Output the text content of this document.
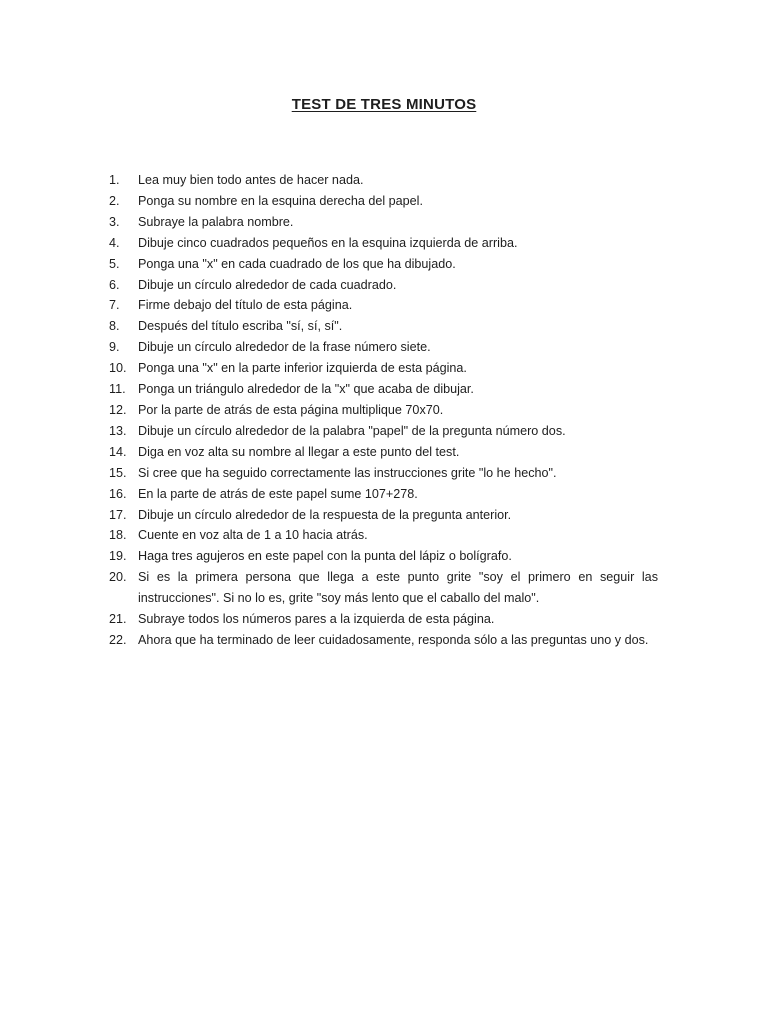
TEST DE TRES MINUTOS
1.	Lea muy bien todo antes de hacer nada.
2.	Ponga su nombre en la esquina derecha del papel.
3.	Subraye la palabra nombre.
4.	Dibuje cinco cuadrados pequeños en la esquina izquierda de arriba.
5.	Ponga una "x" en cada cuadrado de los que ha dibujado.
6.	Dibuje un círculo alrededor de cada cuadrado.
7.	Firme debajo del título de esta página.
8.	Después del título escriba "sí, sí, sí".
9.	Dibuje un círculo alrededor de la frase número siete.
10. Ponga una "x" en la parte inferior izquierda de esta página.
11. Ponga un triángulo alrededor de la "x" que acaba de dibujar.
12. Por la parte de atrás de esta página multiplique 70x70.
13. Dibuje un círculo alrededor de la palabra "papel" de la pregunta número dos.
14. Diga en voz alta su nombre al llegar a este punto del test.
15. Si cree que ha seguido correctamente las instrucciones grite "lo he hecho".
16. En la parte de atrás de este papel sume 107+278.
17. Dibuje un círculo alrededor de la respuesta de la pregunta anterior.
18. Cuente en voz alta de 1 a 10 hacia atrás.
19. Haga tres agujeros en este papel con la punta del lápiz o bolígrafo.
20. Si es la primera persona que llega a este punto grite "soy el primero en seguir las instrucciones". Si no lo es, grite "soy más lento que el caballo del malo".
21. Subraye todos los números pares a la izquierda de esta página.
22. Ahora que ha terminado de leer cuidadosamente, responda sólo a las preguntas uno y dos.
